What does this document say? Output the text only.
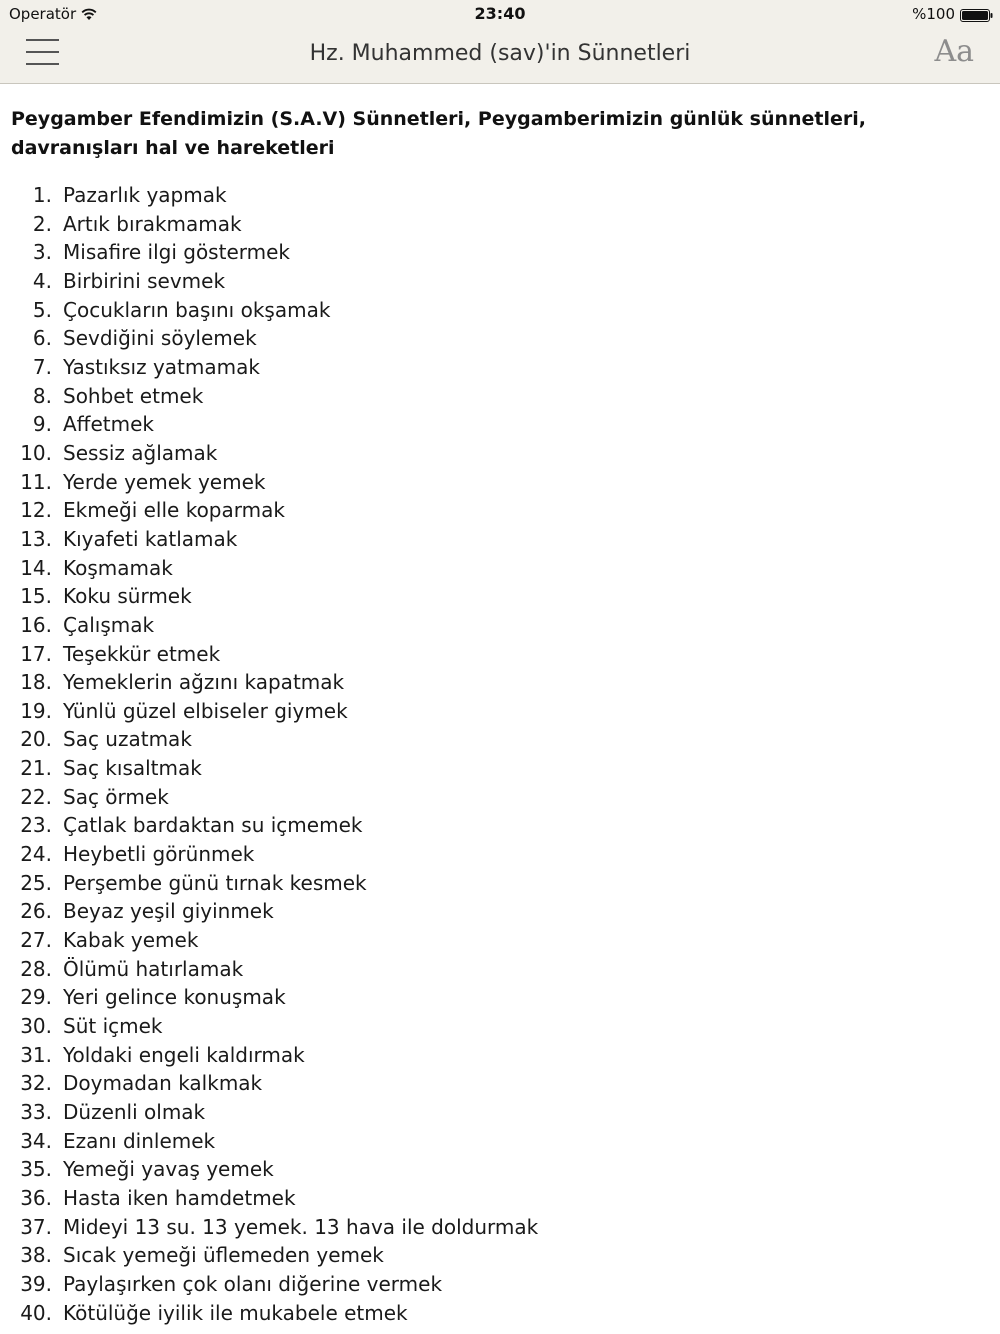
Operatör	23:40	%100
Hz. Muhammed (sav)'in Sünnetleri	Aa
Peygamber Efendimizin (S.A.V) Sünnetleri, Peygamberimizin günlük sünnetleri, davranışları hal ve hareketleri
1. Pazarlık yapmak
2. Artık bırakmamak
3. Misafire ilgi göstermek
4. Birbirini sevmek
5. Çocukların başını okşamak
6. Sevdiğini söylemek
7. Yastıksız yatmamak
8. Sohbet etmek
9. Affetmek
10. Sessiz ağlamak
11. Yerde yemek yemek
12. Ekmeği elle koparmak
13. Kıyafeti katlamak
14. Koşmamak
15. Koku sürmek
16. Çalışmak
17. Teşekkür etmek
18. Yemeklerin ağzını kapatmak
19. Yünlü güzel elbiseler giymek
20. Saç uzatmak
21. Saç kısaltmak
22. Saç örmek
23. Çatlak bardaktan su içmemek
24. Heybetli görünmek
25. Perşembe günü tırnak kesmek
26. Beyaz yeşil giyinmek
27. Kabak yemek
28. Ölümü hatırlamak
29. Yeri gelince konuşmak
30. Süt içmek
31. Yoldaki engeli kaldırmak
32. Doymadan kalkmak
33. Düzenli olmak
34. Ezanı dinlemek
35. Yemeği yavaş yemek
36. Hasta iken hamdetmek
37. Mideyi 13 su. 13 yemek. 13 hava ile doldurmak
38. Sıcak yemeği üflemeden yemek
39. Paylaşırken çok olanı diğerine vermek
40. Kötülüğe iyilik ile mukabele etmek
